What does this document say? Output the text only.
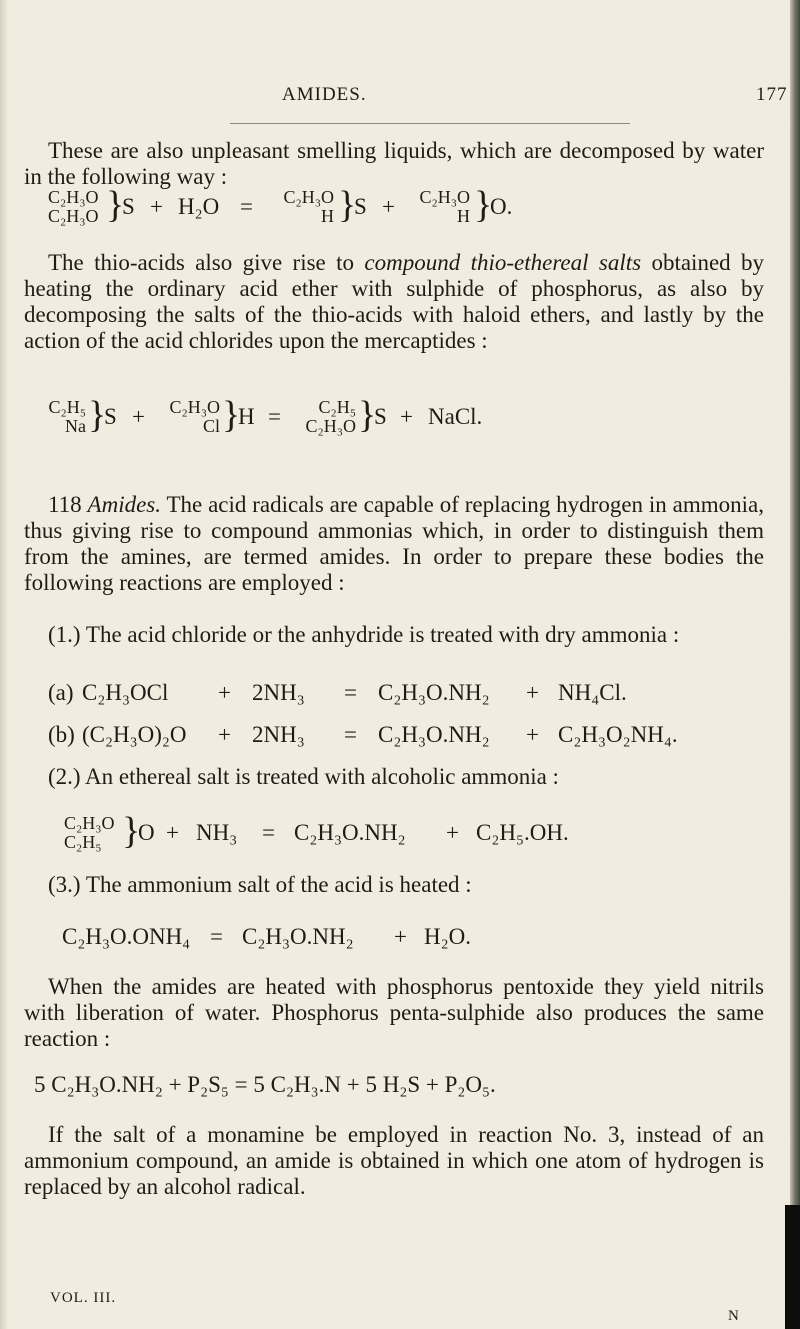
AMIDES.	177

These are also unpleasant smelling liquids, which are decomposed by water in the following way :

C₂H₃O
C₂H₃O }
S + H₂O =	C₂H₃O
H }
S +	C₂H₃O
H }
O.

The thio-acids also give rise to compound thio-ethereal salts obtained by heating the ordinary acid ether with sulphide of phosphorus, as also by decomposing the salts of the thio-acids with haloid ethers, and lastly by the action of the acid chlorides upon the mercaptides :

C₂H₅
Na }
S +	C₂H₃O
Cl }
H =	C₂H₅
C₂H₃O }
S + NaCl.

118 Amides. The acid radicals are capable of replacing hydrogen in ammonia, thus giving rise to compound ammonias which, in order to distinguish them from the amines, are termed amides. In order to prepare these bodies the following reactions are employed :

(1.) The acid chloride or the anhydride is treated with dry ammonia :

(a) C₂H₃OCl + 2NH₃ = C₂H₃O.NH₂ + NH₄Cl.
(b) (C₂H₃O)₂O + 2NH₃ = C₂H₃O.NH₂ + C₂H₃O₂NH₄.

(2.) An ethereal salt is treated with alcoholic ammonia :

C₂H₃O
C₂H₅ }
O + NH₃ = C₂H₃O.NH₂ + C₂H₅.OH.

(3.) The ammonium salt of the acid is heated :

C₂H₃O.ONH₄ = C₂H₃O.NH₂ + H₂O.

When the amides are heated with phosphorus pentoxide they yield nitrils with liberation of water. Phosphorus penta-sulphide also produces the same reaction :

5 C₂H₃O.NH₂ + P₂S₅ = 5 C₂H₃.N + 5 H₂S + P₂O₅.

If the salt of a monamine be employed in reaction No. 3, instead of an ammonium compound, an amide is obtained in which one atom of hydrogen is replaced by an alcohol radical.

VOL. III.
N
